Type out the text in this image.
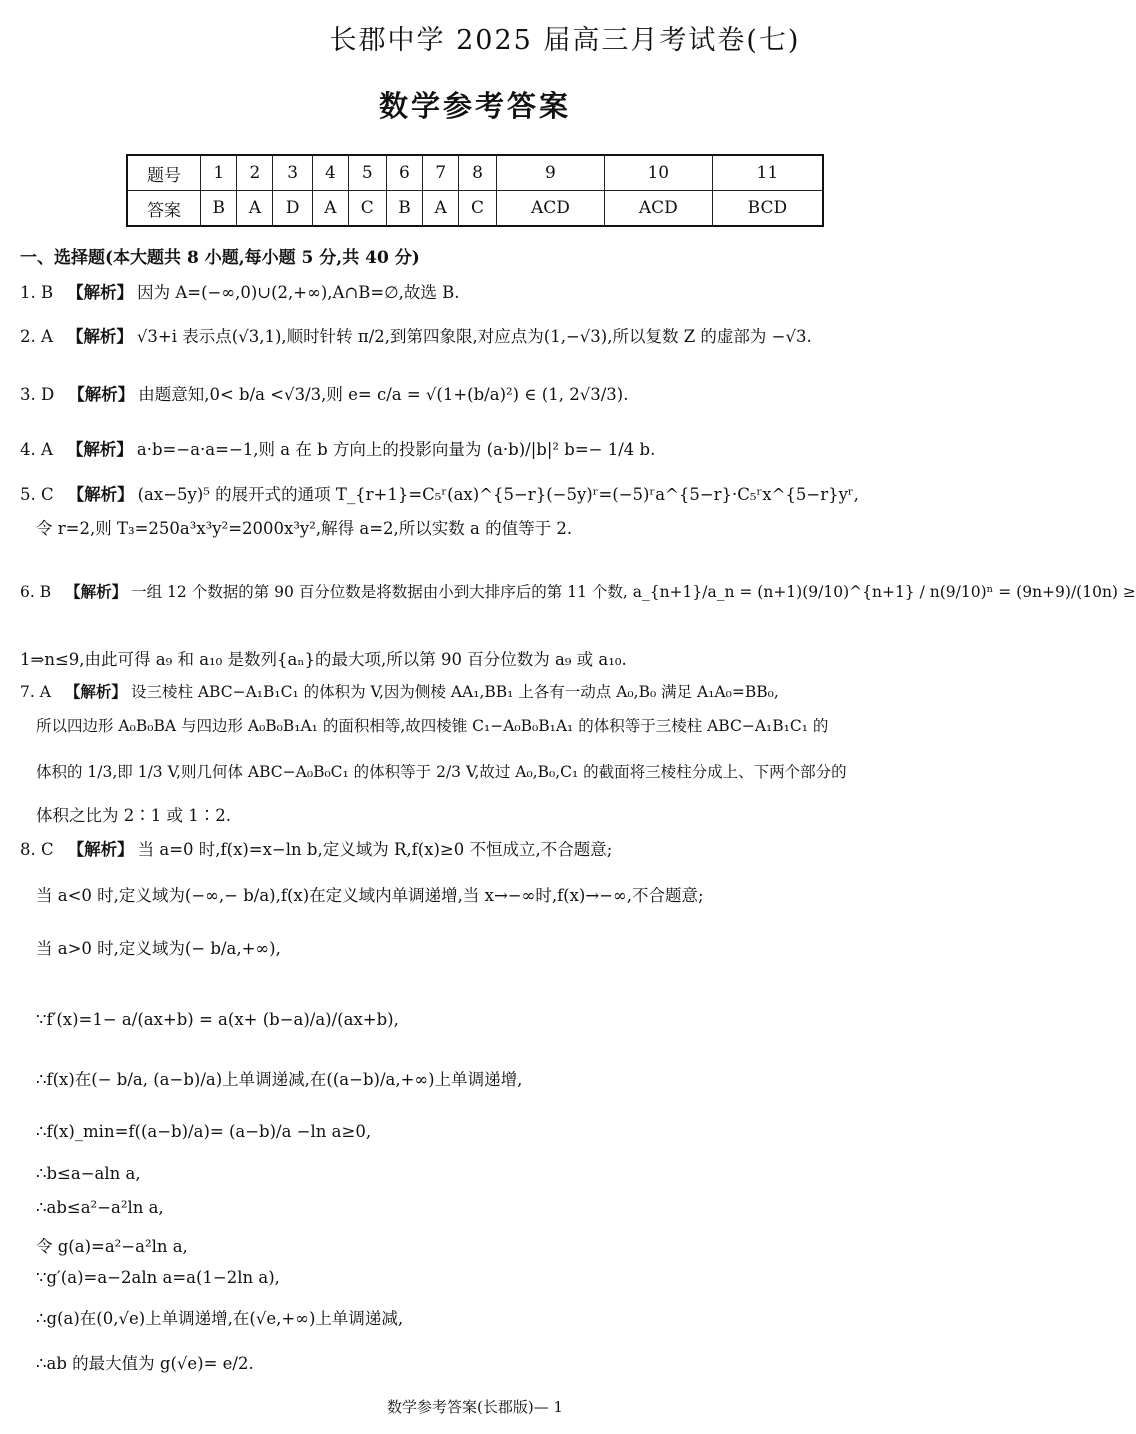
长郡中学 2025 届高三月考试卷(七)
数学参考答案
题号	1	2	3	4	5	6	7	8	9	10	11
答案	B	A	D	A	C	B	A	C	ACD	ACD	BCD
一、选择题(本大题共 8 小题,每小题 5 分,共 40 分)
1. B 【解析】 因为 A=(−∞,0)∪(2,+∞),A∩B=∅,故选 B.
2. A 【解析】 √3+i 表示点(√3,1),顺时针转 π/2,到第四象限,对应点为(1,−√3),所以复数 Z 的虚部为 −√3.
3. D 【解析】 由题意知,0< b/a <√3/3,则 e= c/a = √(1+(b/a)²) ∈ (1, 2√3/3).
4. A 【解析】 a·b=−a·a=−1,则 a 在 b 方向上的投影向量为 (a·b)/|b|² b=− 1/4 b.
5. C 【解析】 (ax−5y)⁵ 的展开式的通项 T_{r+1}=C₅ʳ(ax)^{5−r}(−5y)ʳ=(−5)ʳa^{5−r}·C₅ʳx^{5−r}yʳ,
令 r=2,则 T₃=250a³x³y²=2000x³y²,解得 a=2,所以实数 a 的值等于 2.
6. B 【解析】 一组 12 个数据的第 90 百分位数是将数据由小到大排序后的第 11 个数, a_{n+1}/a_n = (n+1)(9/10)^{n+1} / n(9/10)ⁿ = (9n+9)/(10n) ≥
1⇒n≤9,由此可得 a₉ 和 a₁₀ 是数列{aₙ}的最大项,所以第 90 百分位数为 a₉ 或 a₁₀.
7. A 【解析】 设三棱柱 ABC−A₁B₁C₁ 的体积为 V,因为侧棱 AA₁,BB₁ 上各有一动点 A₀,B₀ 满足 A₁A₀=BB₀,
所以四边形 A₀B₀BA 与四边形 A₀B₀B₁A₁ 的面积相等,故四棱锥 C₁−A₀B₀B₁A₁ 的体积等于三棱柱 ABC−A₁B₁C₁ 的
体积的 1/3,即 1/3 V,则几何体 ABC−A₀B₀C₁ 的体积等于 2/3 V,故过 A₀,B₀,C₁ 的截面将三棱柱分成上、下两个部分的
体积之比为 2∶1 或 1∶2.
8. C 【解析】 当 a=0 时,f(x)=x−ln b,定义域为 R,f(x)≥0 不恒成立,不合题意;
当 a<0 时,定义域为(−∞,− b/a),f(x)在定义域内单调递增,当 x→−∞时,f(x)→−∞,不合题意;
当 a>0 时,定义域为(− b/a,+∞),
∵f′(x)=1− a/(ax+b) = a(x+ (b−a)/a)/(ax+b),
∴f(x)在(− b/a, (a−b)/a)上单调递减,在((a−b)/a,+∞)上单调递增,
∴f(x)_min=f((a−b)/a)= (a−b)/a −ln a≥0,
∴b≤a−aln a,
∴ab≤a²−a²ln a,
令 g(a)=a²−a²ln a,
∵g′(a)=a−2aln a=a(1−2ln a),
∴g(a)在(0,√e)上单调递增,在(√e,+∞)上单调递减,
∴ab 的最大值为 g(√e)= e/2.
数学参考答案(长郡版)— 1
